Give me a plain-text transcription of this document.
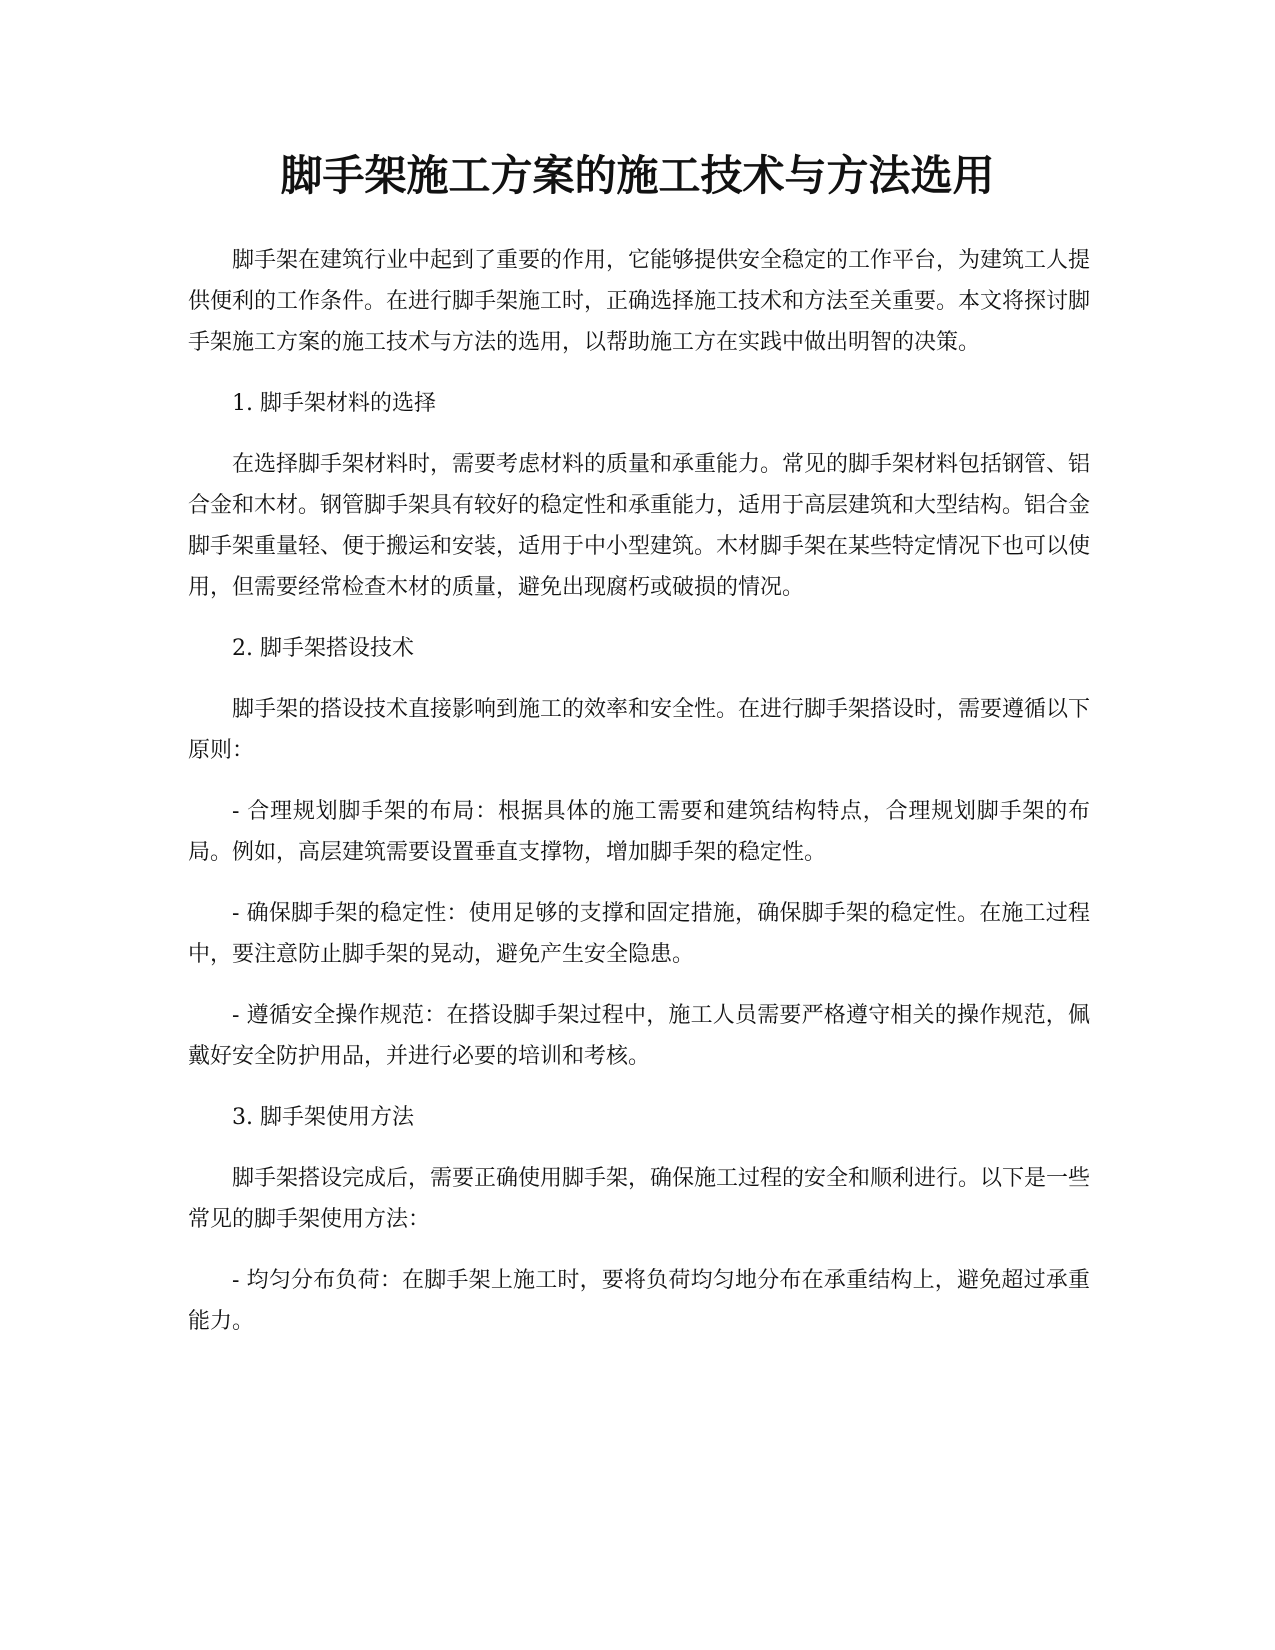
脚手架施工方案的施工技术与方法选用

脚手架在建筑行业中起到了重要的作用，它能够提供安全稳定的工作平台，为建筑工人提供便利的工作条件。在进行脚手架施工时，正确选择施工技术和方法至关重要。本文将探讨脚手架施工方案的施工技术与方法的选用，以帮助施工方在实践中做出明智的决策。

1. 脚手架材料的选择

在选择脚手架材料时，需要考虑材料的质量和承重能力。常见的脚手架材料包括钢管、铝合金和木材。钢管脚手架具有较好的稳定性和承重能力，适用于高层建筑和大型结构。铝合金脚手架重量轻、便于搬运和安装，适用于中小型建筑。木材脚手架在某些特定情况下也可以使用，但需要经常检查木材的质量，避免出现腐朽或破损的情况。

2. 脚手架搭设技术

脚手架的搭设技术直接影响到施工的效率和安全性。在进行脚手架搭设时，需要遵循以下原则：

- 合理规划脚手架的布局：根据具体的施工需要和建筑结构特点，合理规划脚手架的布局。例如，高层建筑需要设置垂直支撑物，增加脚手架的稳定性。

- 确保脚手架的稳定性：使用足够的支撑和固定措施，确保脚手架的稳定性。在施工过程中，要注意防止脚手架的晃动，避免产生安全隐患。

- 遵循安全操作规范：在搭设脚手架过程中，施工人员需要严格遵守相关的操作规范，佩戴好安全防护用品，并进行必要的培训和考核。

3. 脚手架使用方法

脚手架搭设完成后，需要正确使用脚手架，确保施工过程的安全和顺利进行。以下是一些常见的脚手架使用方法：

- 均匀分布负荷：在脚手架上施工时，要将负荷均匀地分布在承重结构上，避免超过承重能力。
